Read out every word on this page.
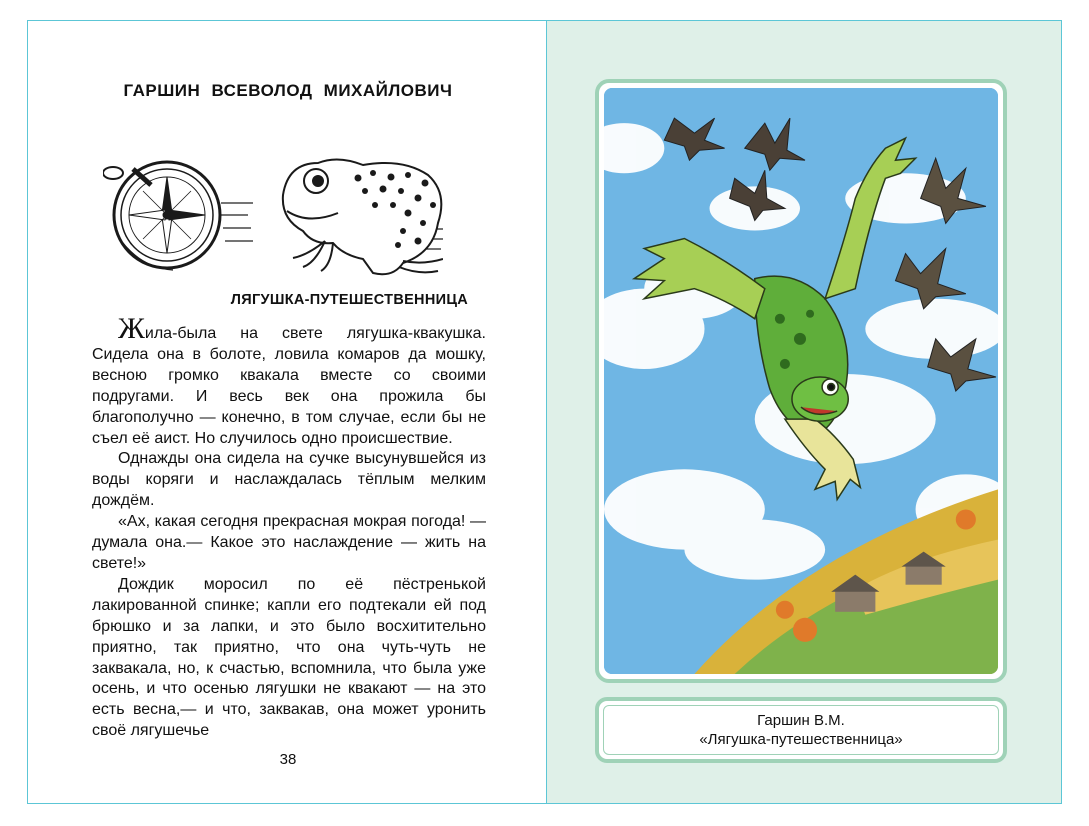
ГАРШИН ВСЕВОЛОД МИХАЙЛОВИЧ
ЛЯГУШКА-ПУТЕШЕСТВЕННИЦА

Жила-была на свете лягушка-квакушка. Сидела она в болоте, ловила комаров да мошку, весною громко квакала вместе со своими подругами. И весь век она прожила бы благополучно — конечно, в том случае, если бы не съел её аист. Но случилось одно происшествие.

Однажды она сидела на сучке высунувшейся из воды коряги и наслаждалась тёплым мелким дождём.

«Ах, какая сегодня прекрасная мокрая погода! — думала она.— Какое это наслаждение — жить на свете!»

Дождик моросил по её пёстренькой лакированной спинке; капли его подтекали ей под брюшко и за лапки, и это было восхитительно приятно, так приятно, что она чуть-чуть не заквакала, но, к счастью, вспомнила, что была уже осень, и что осенью лягушки не квакают — на это есть весна,— и что, заквакав, она может уронить своё лягушечье

38
Гаршин В.М.
«Лягушка-путешественница»
